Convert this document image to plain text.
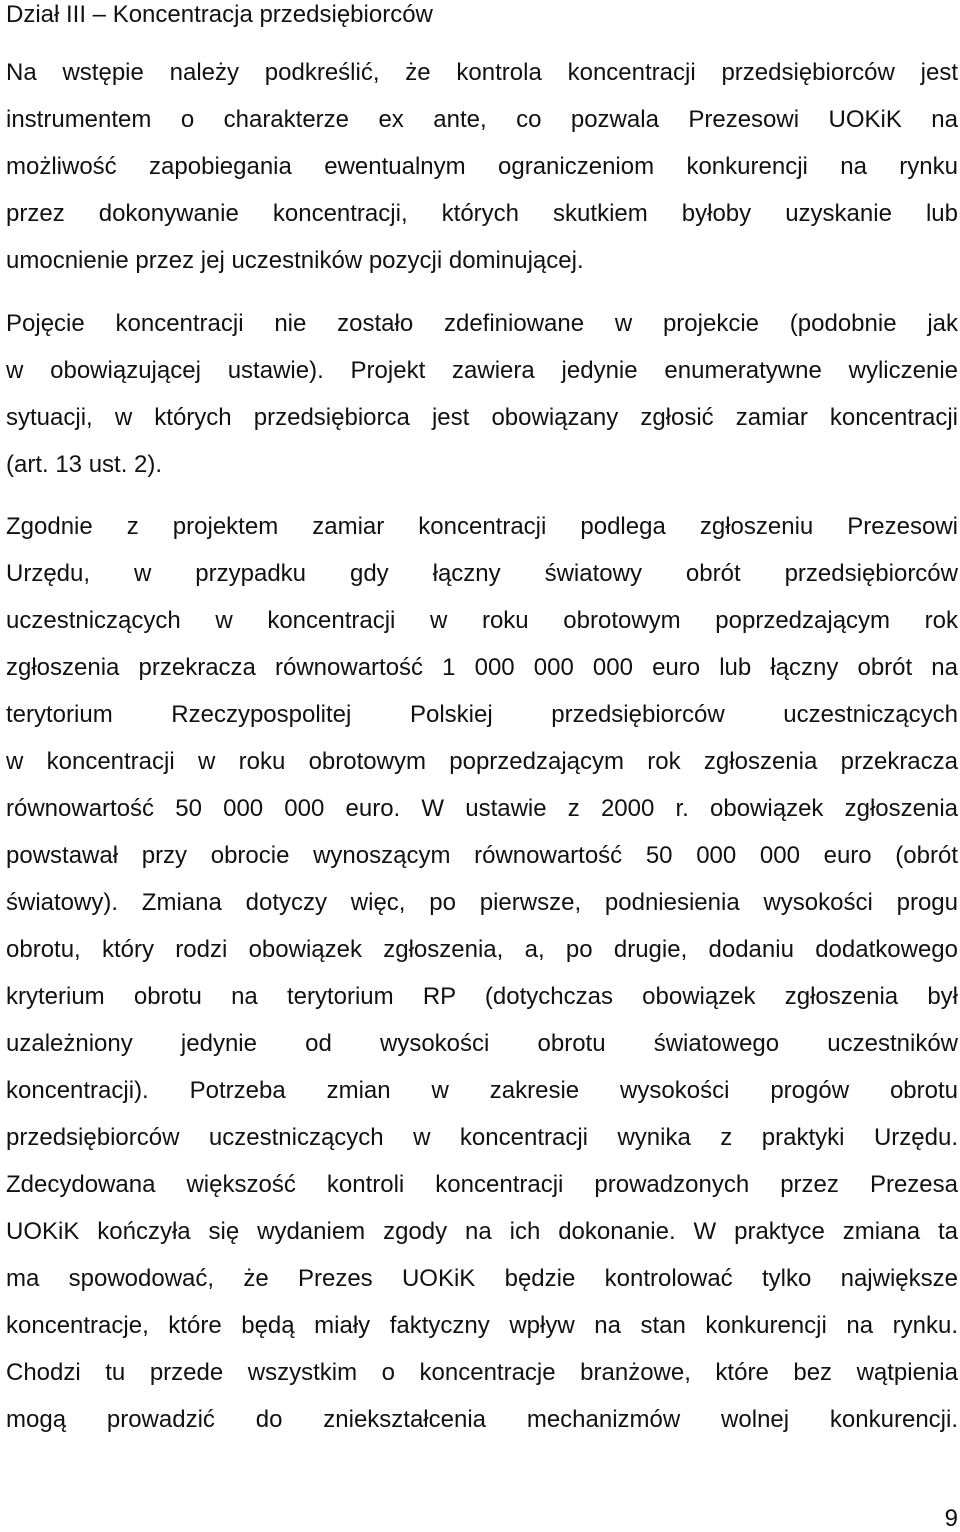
Dział III – Koncentracja przedsiębiorców
Na wstępie należy podkreślić, że kontrola koncentracji przedsiębiorców jest
instrumentem o charakterze ex ante, co pozwala Prezesowi UOKiK na
możliwość zapobiegania ewentualnym ograniczeniom konkurencji na rynku
przez dokonywanie koncentracji, których skutkiem byłoby uzyskanie lub
umocnienie przez jej uczestników pozycji dominującej.
Pojęcie koncentracji nie zostało zdefiniowane w projekcie (podobnie jak
w obowiązującej ustawie). Projekt zawiera jedynie enumeratywne wyliczenie
sytuacji, w których przedsiębiorca jest obowiązany zgłosić zamiar koncentracji
(art. 13 ust. 2).
Zgodnie z projektem zamiar koncentracji podlega zgłoszeniu Prezesowi
Urzędu, w przypadku gdy łączny światowy obrót przedsiębiorców
uczestniczących w koncentracji w roku obrotowym poprzedzającym rok
zgłoszenia przekracza równowartość 1 000 000 000 euro lub łączny obrót na
terytorium Rzeczypospolitej Polskiej przedsiębiorców uczestniczących
w koncentracji w roku obrotowym poprzedzającym rok zgłoszenia przekracza
równowartość 50 000 000 euro. W ustawie z 2000 r. obowiązek zgłoszenia
powstawał przy obrocie wynoszącym równowartość 50 000 000 euro (obrót
światowy). Zmiana dotyczy więc, po pierwsze, podniesienia wysokości progu
obrotu, który rodzi obowiązek zgłoszenia, a, po drugie, dodaniu dodatkowego
kryterium obrotu na terytorium RP (dotychczas obowiązek zgłoszenia był
uzależniony jedynie od wysokości obrotu światowego uczestników
koncentracji). Potrzeba zmian w zakresie wysokości progów obrotu
przedsiębiorców uczestniczących w koncentracji wynika z praktyki Urzędu.
Zdecydowana większość kontroli koncentracji prowadzonych przez Prezesa
UOKiK kończyła się wydaniem zgody na ich dokonanie. W praktyce zmiana ta
ma spowodować, że Prezes UOKiK będzie kontrolować tylko największe
koncentracje, które będą miały faktyczny wpływ na stan konkurencji na rynku.
Chodzi tu przede wszystkim o koncentracje branżowe, które bez wątpienia
mogą prowadzić do zniekształcenia mechanizmów wolnej konkurencji.
9
